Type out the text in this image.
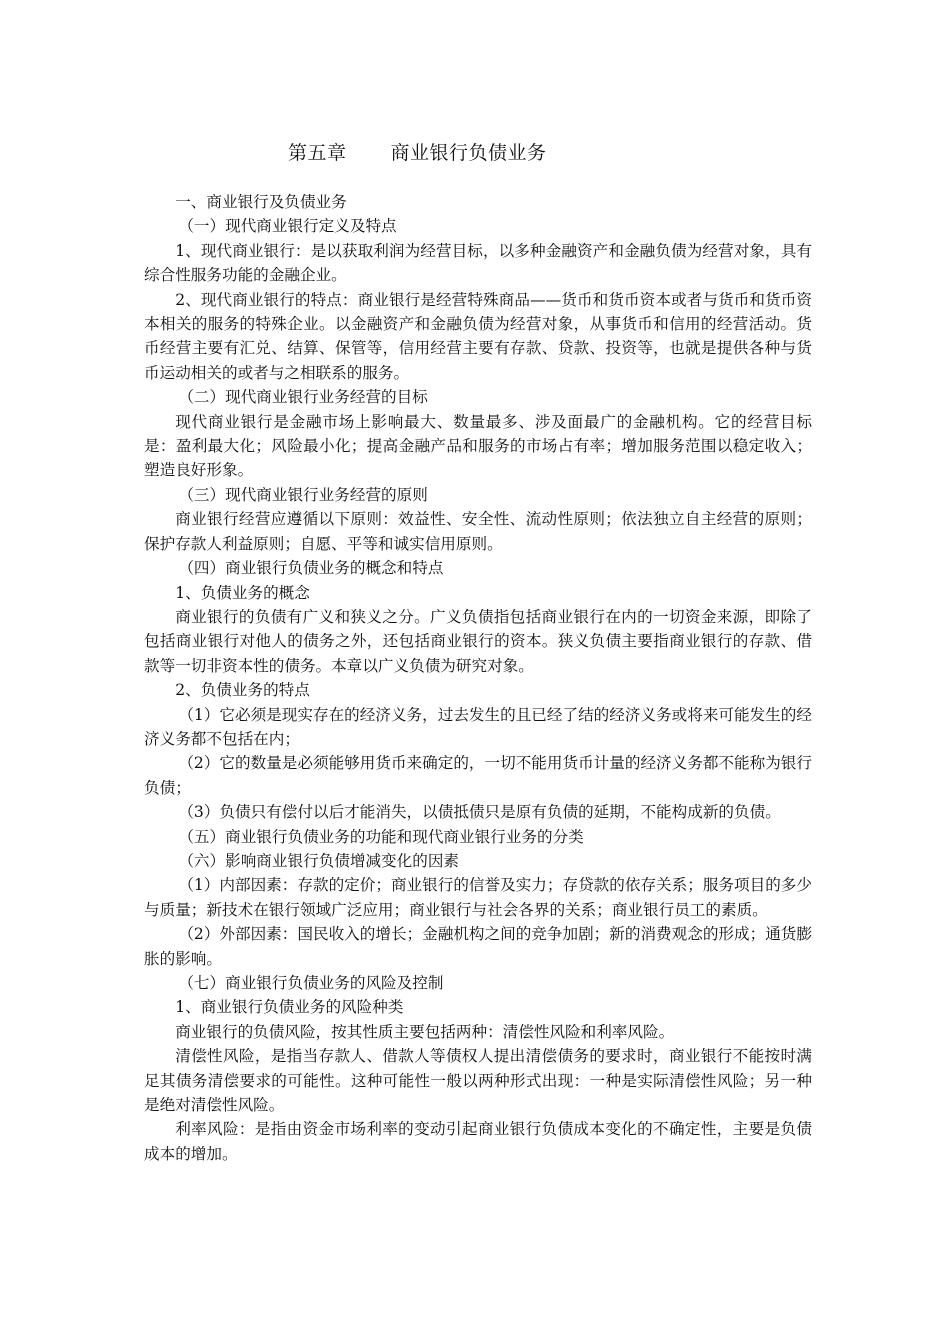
第五章 商业银行负债业务

一、商业银行及负债业务

（一）现代商业银行定义及特点

1、现代商业银行：是以获取利润为经营目标，以多种金融资产和金融负债为经营对象，具有综合性服务功能的金融企业。

2、现代商业银行的特点：商业银行是经营特殊商品——货币和货币资本或者与货币和货币资本相关的服务的特殊企业。以金融资产和金融负债为经营对象，从事货币和信用的经营活动。货币经营主要有汇兑、结算、保管等，信用经营主要有存款、贷款、投资等，也就是提供各种与货币运动相关的或者与之相联系的服务。

（二）现代商业银行业务经营的目标

现代商业银行是金融市场上影响最大、数量最多、涉及面最广的金融机构。它的经营目标是：盈利最大化；风险最小化；提高金融产品和服务的市场占有率；增加服务范围以稳定收入；塑造良好形象。

（三）现代商业银行业务经营的原则

商业银行经营应遵循以下原则：效益性、安全性、流动性原则；依法独立自主经营的原则；保护存款人利益原则；自愿、平等和诚实信用原则。

（四）商业银行负债业务的概念和特点

1、负债业务的概念

商业银行的负债有广义和狭义之分。广义负债指包括商业银行在内的一切资金来源，即除了包括商业银行对他人的债务之外，还包括商业银行的资本。狭义负债主要指商业银行的存款、借款等一切非资本性的债务。本章以广义负债为研究对象。

2、负债业务的特点

（1）它必须是现实存在的经济义务，过去发生的且已经了结的经济义务或将来可能发生的经济义务都不包括在内；

（2）它的数量是必须能够用货币来确定的，一切不能用货币计量的经济义务都不能称为银行负债；

（3）负债只有偿付以后才能消失，以债抵债只是原有负债的延期，不能构成新的负债。

（五）商业银行负债业务的功能和现代商业银行业务的分类

（六）影响商业银行负债增减变化的因素

（1）内部因素：存款的定价；商业银行的信誉及实力；存贷款的依存关系；服务项目的多少与质量；新技术在银行领域广泛应用；商业银行与社会各界的关系；商业银行员工的素质。

（2）外部因素：国民收入的增长；金融机构之间的竞争加剧；新的消费观念的形成；通货膨胀的影响。

（七）商业银行负债业务的风险及控制

1、商业银行负债业务的风险种类

商业银行的负债风险，按其性质主要包括两种：清偿性风险和利率风险。

清偿性风险，是指当存款人、借款人等债权人提出清偿债务的要求时，商业银行不能按时满足其债务清偿要求的可能性。这种可能性一般以两种形式出现：一种是实际清偿性风险；另一种是绝对清偿性风险。

利率风险：是指由资金市场利率的变动引起商业银行负债成本变化的不确定性，主要是负债成本的增加。
